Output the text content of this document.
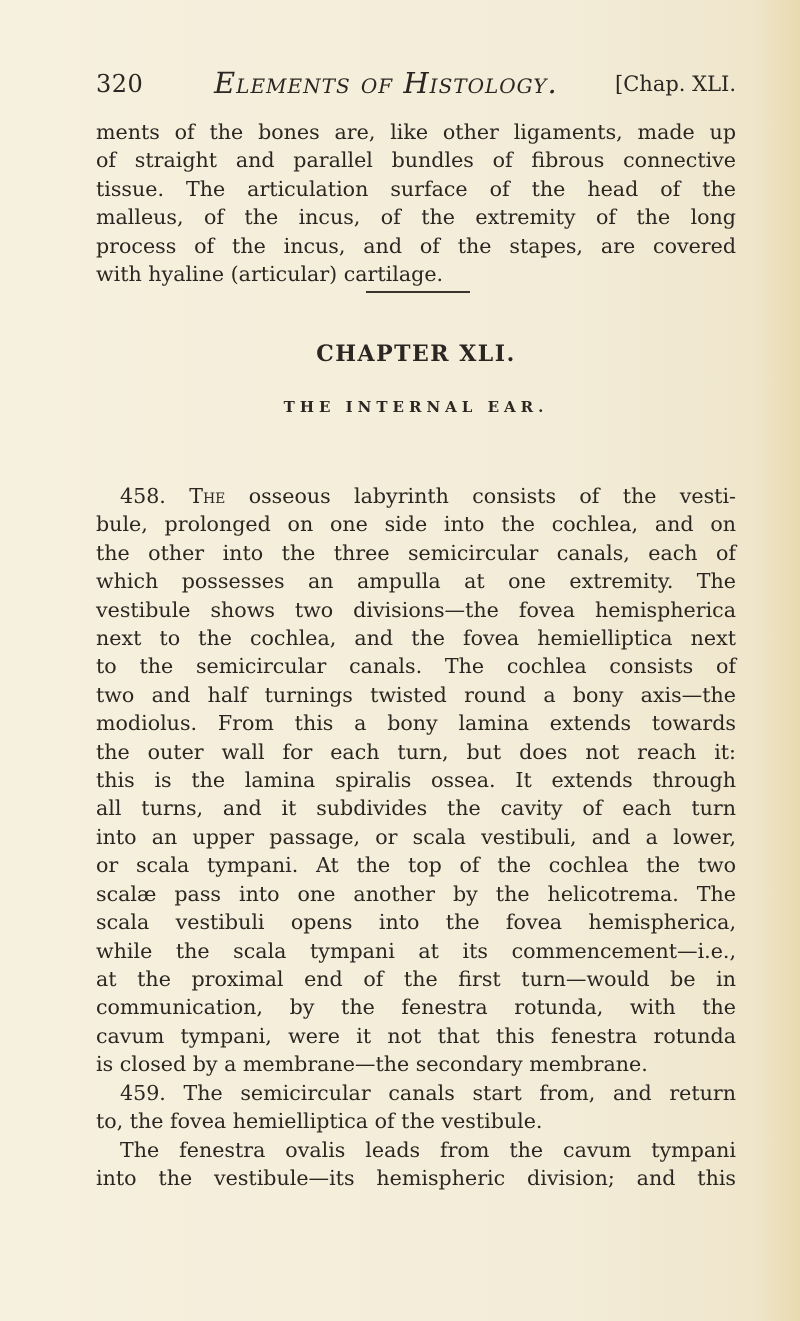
320 Elements of Histology.	[Chap. XLI.

ments of the bones are, like other ligaments, made up
of straight and parallel bundles of fibrous connective
tissue. The articulation surface of the head of the
malleus, of the incus, of the extremity of the long
process of the incus, and of the stapes, are covered
with hyaline (articular) cartilage.

CHAPTER XLI.
THE INTERNAL EAR.

458. The osseous labyrinth consists of the vesti-
bule, prolonged on one side into the cochlea, and on
the other into the three semicircular canals, each of
which possesses an ampulla at one extremity. The
vestibule shows two divisions—the fovea hemispherica
next to the cochlea, and the fovea hemielliptica next
to the semicircular canals. The cochlea consists of
two and half turnings twisted round a bony axis—the
modiolus. From this a bony lamina extends towards
the outer wall for each turn, but does not reach it:
this is the lamina spiralis ossea. It extends through
all turns, and it subdivides the cavity of each turn
into an upper passage, or scala vestibuli, and a lower,
or scala tympani. At the top of the cochlea the two
scalæ pass into one another by the helicotrema. The
scala vestibuli opens into the fovea hemispherica,
while the scala tympani at its commencement—i.e.,
at the proximal end of the first turn—would be in
communication, by the fenestra rotunda, with the
cavum tympani, were it not that this fenestra rotunda
is closed by a membrane—the secondary membrane.

459. The semicircular canals start from, and return
to, the fovea hemielliptica of the vestibule.

The fenestra ovalis leads from the cavum tympani
into the vestibule—its hemispheric division; and this
